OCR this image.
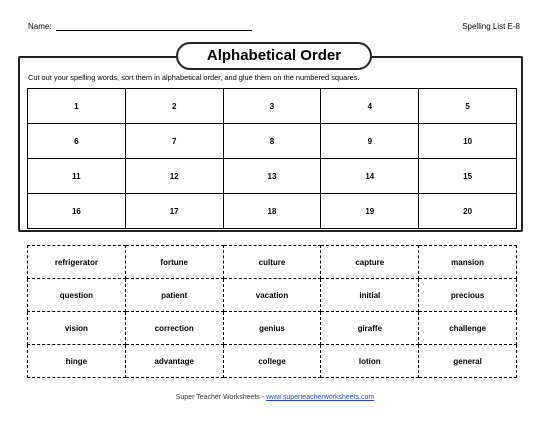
Name:	Spelling List E-8
Alphabetical Order
Cut out your spelling words, sort them in alphabetical order, and glue them on the numbered squares.
1	2	3	4	5
6	7	8	9	10
11	12	13	14	15
16	17	18	19	20
refrigerator	fortune	culture	capture	mansion
question	patient	vacation	initial	precious
vision	correction	genius	giraffe	challenge
hinge	advantage	college	lotion	general
Super Teacher Worksheets - www.superteacherworksheets.com
